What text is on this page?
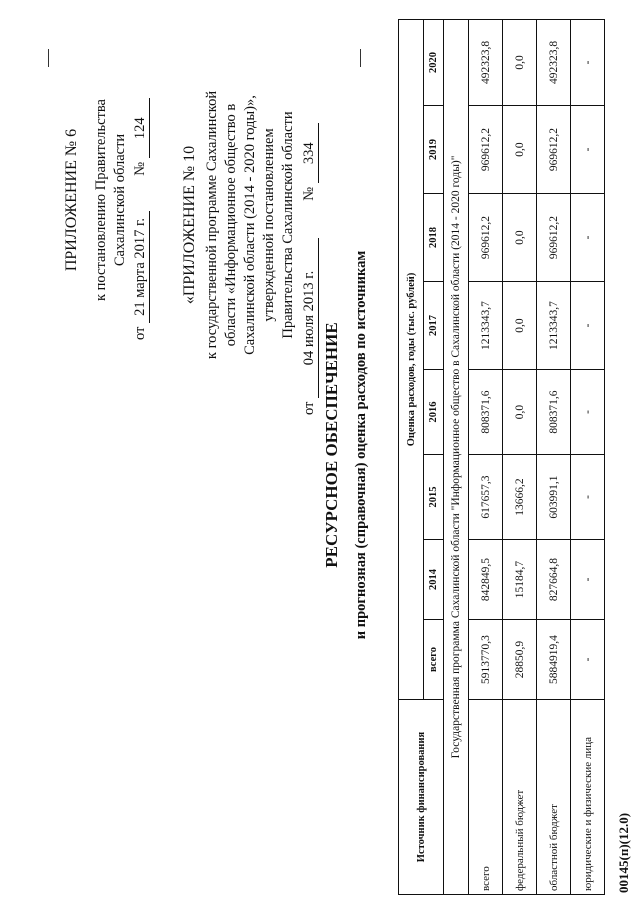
ПРИЛОЖЕНИЕ № 6 к постановлению Правительства Сахалинской области
от 21 марта 2017 г.  № 124
«ПРИЛОЖЕНИЕ № 10 к государственной программе Сахалинской области «Информационное общество в Сахалинской области (2014 - 2020 годы)», утвержденной постановлением Правительства Сахалинской области
от 04 июля 2013 г.  № 334
РЕСУРСНОЕ ОБЕСПЕЧЕНИЕ и прогнозная (справочная) оценка расходов по источникам
Источник финансирования	Оценка расходов, годы (тыс. рублей)							
	всего	2014	2015	2016	2017	2018	2019	2020
Государственная программа Сахалинской области "Информационное общество в Сахалинской области (2014 - 2020 годы)"								
всего	5913770,3	842849,5	617657,3	808371,6	1213343,7	969612,2	969612,2	492323,8
федеральный бюджет	28850,9	15184,7	13666,2	0,0	0,0	0,0	0,0	0,0
областной бюджет	5884919,4	827664,8	603991,1	808371,6	1213343,7	969612,2	969612,2	492323,8
юридические и физические лица	-	-	-	-	-	-	-	-
00145(п)(12.0)
